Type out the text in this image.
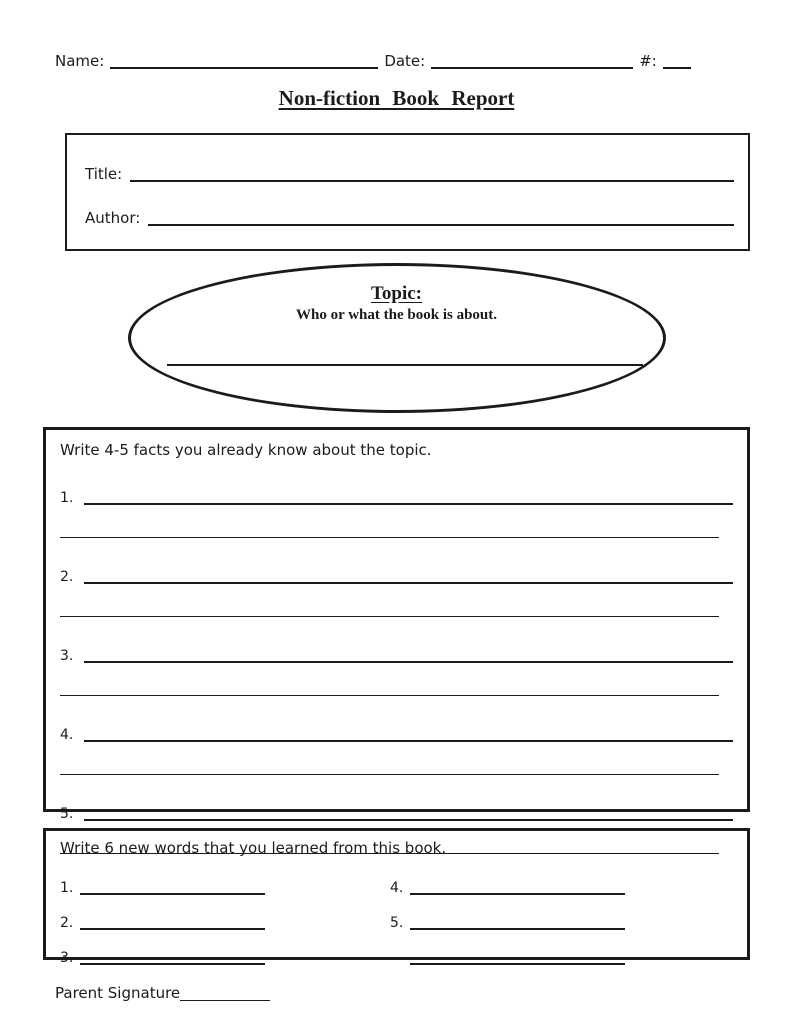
Name:	Date:	#:
Non-fiction Book Report
Title:
Author:
Topic:
Who or what the book is about.
Write 4-5 facts you already know about the topic.
1.
2.
3.
4.
5.
Write 6 new words that you learned from this book.
1.
2.
3.
4.
5.
Parent Signature
